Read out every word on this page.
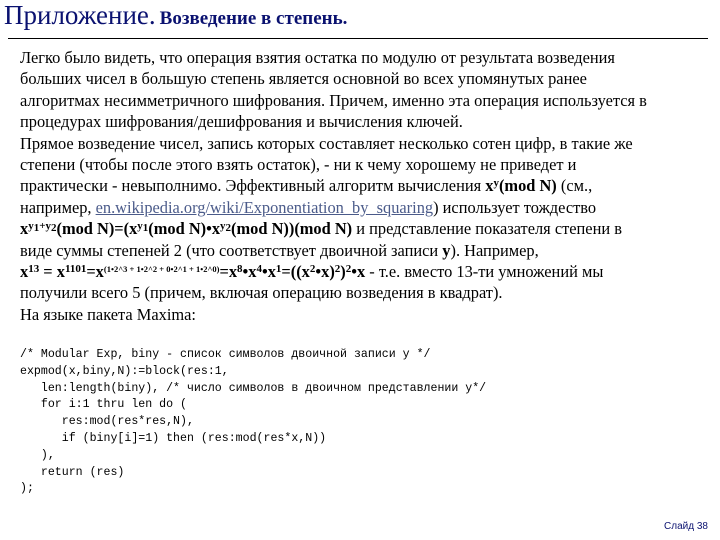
Приложение. Возведение в степень.
Легко было видеть, что операция взятия остатка по модулю от результата возведения
больших чисел в большую степень является основной во всех упомянутых ранее
алгоритмах несимметричного шифрования. Причем, именно эта операция используется в
процедурах шифрования/дешифрования и вычисления ключей.
Прямое возведение чисел, запись которых составляет несколько сотен цифр, в такие же
степени (чтобы после этого взять остаток), - ни к чему хорошему не приведет и
практически - невыполнимо. Эффективный алгоритм вычисления $x^y(mod$ N) (см.,
например, en.wikipedia.org/wiki/Exponentiation_by_squaring) использует тождество
$x^{y_1+y_2}(mod$ $N)=(x^{y_1}(mod$ $N)•x^{y_2}(mod$ N))(mod N) и представление показателя степени в
виде суммы степеней 2 (что соответствует двоичной записи y). Например,
$x^{13}$ = $x^{1101}=x^{(1•2\^{}3 + 1•2\^{}2 + 0•2\^{}1 + 1•2\^{}0)}=x^8•x^4•x^1=((x^2•x)^2)^2•x - т.е$. вместо 13-ти умножений мы
получили всего 5 (причем, включая операцию возведения в квадрат).
На языке пакета Maxima:
/* Modular Exp, biny - список символов двоичной записи y */
expmod(x,biny,N):=block(res:1,
len:length(biny), /* число символов в двоичном представлении y*/
for i:1 thru len do (
res:mod(res*res,N),
if (biny[i]=1) then (res:mod(res*x,N))
),
return (res)
);
Слайд 38
